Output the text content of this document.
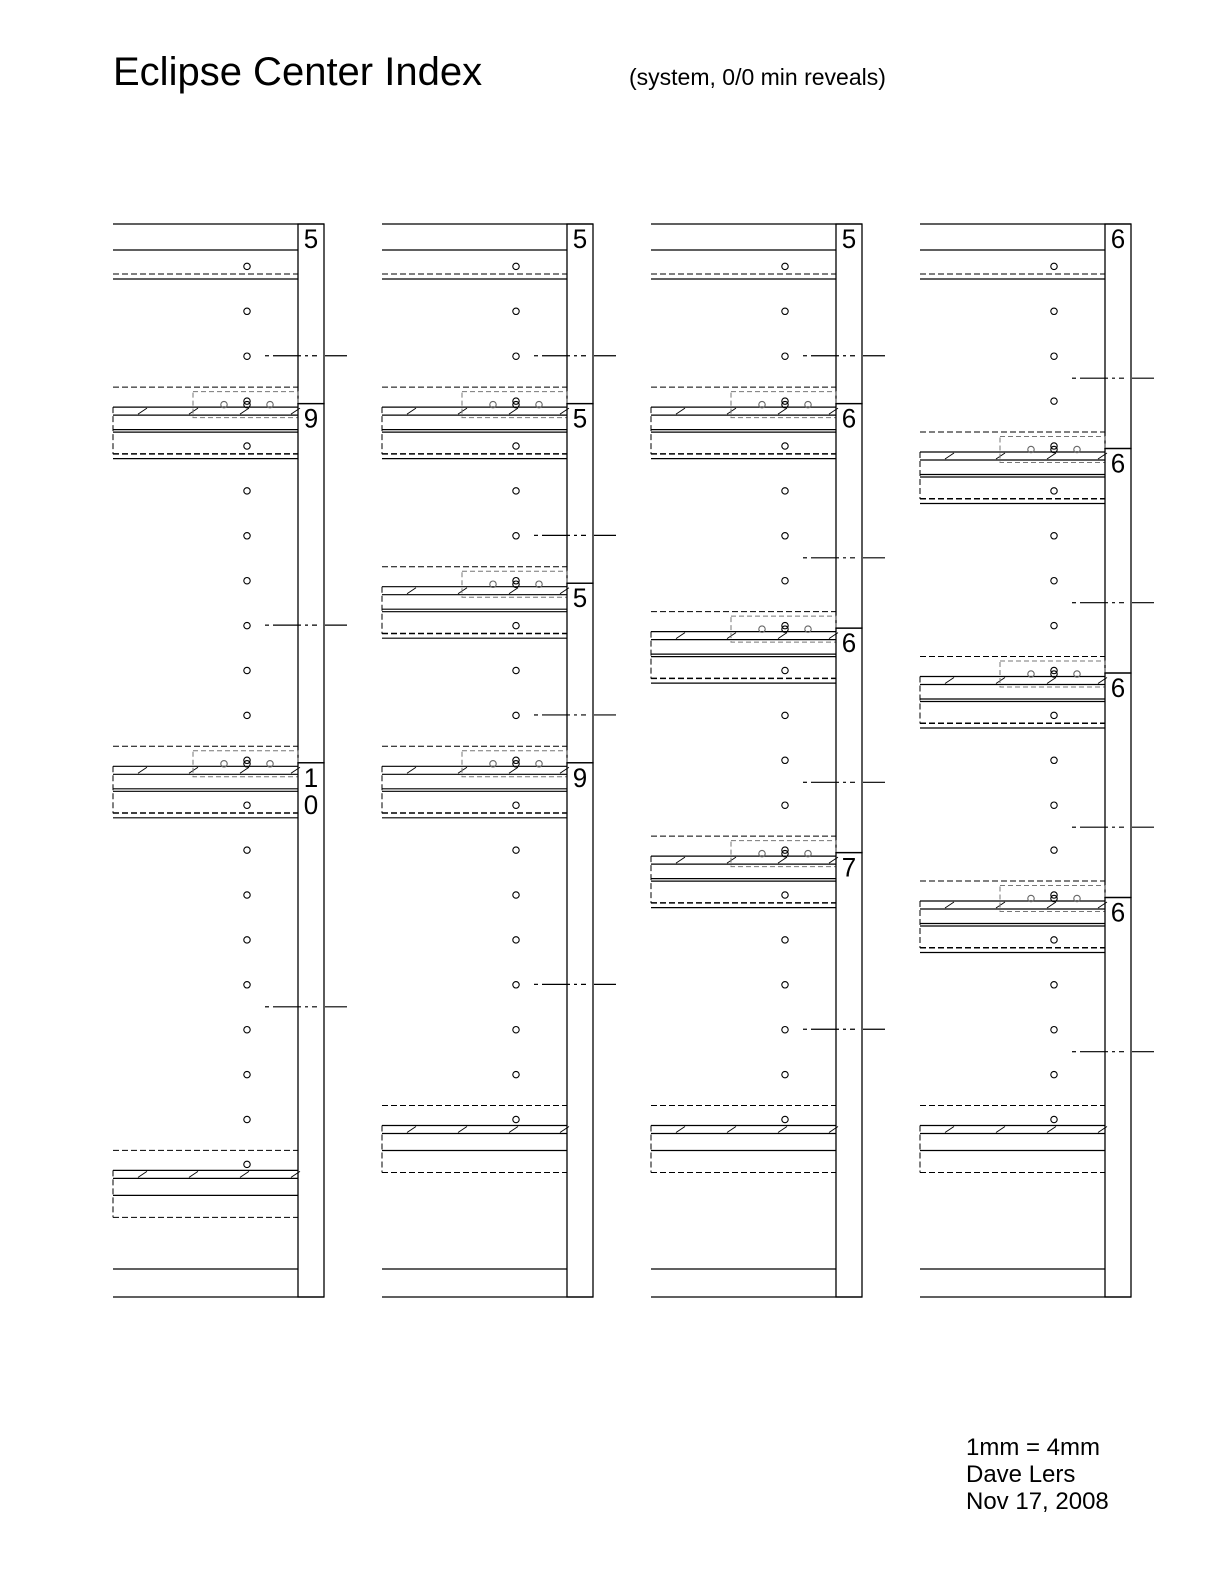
Eclipse Center Index	(system, 0/0 min reveals)
5
9
1
0
5
5
5
9
5
6
6
7
6
6
6
6
1mm = 4mm
Dave Lers
Nov 17, 2008
